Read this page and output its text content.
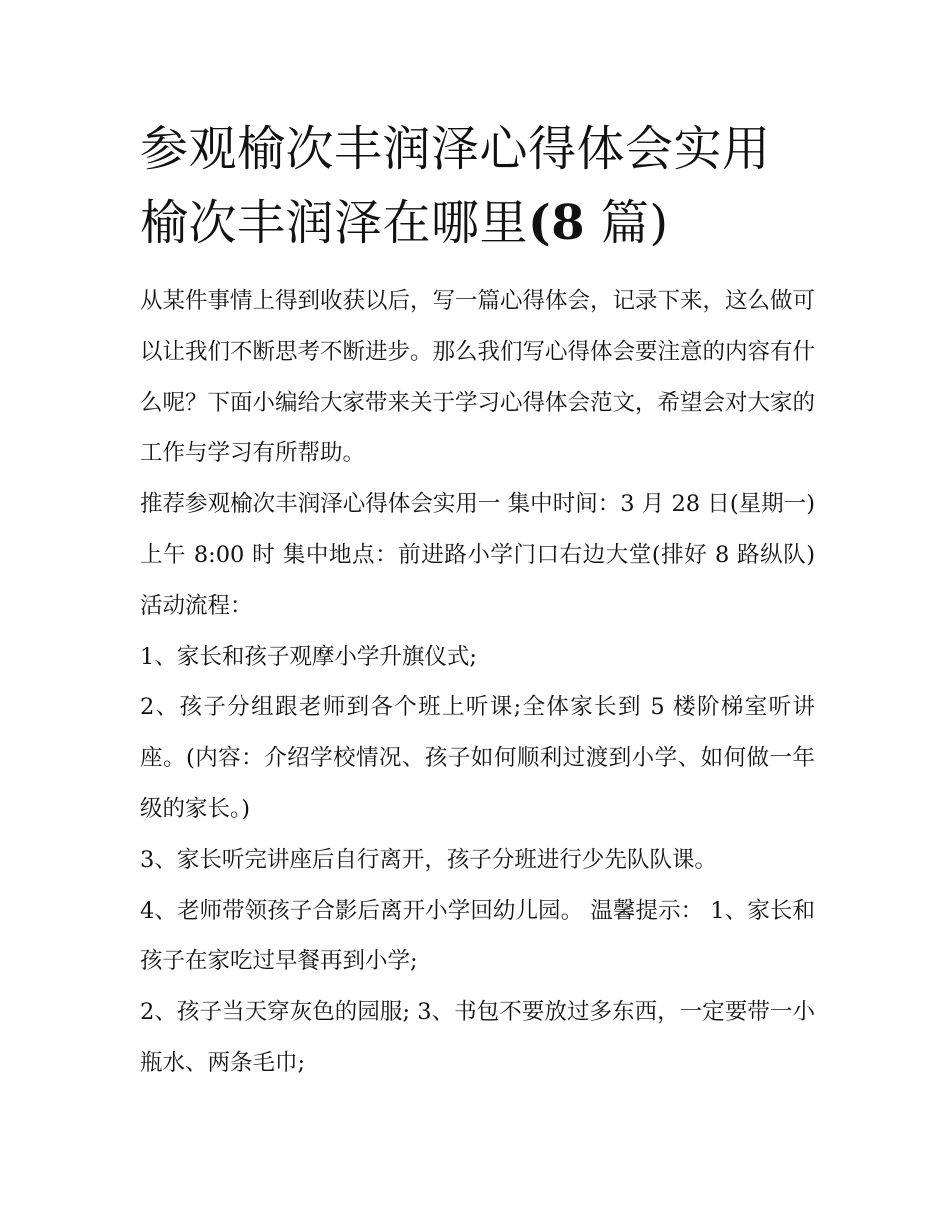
参观榆次丰润泽心得体会实用
榆次丰润泽在哪里(8 篇)

从某件事情上得到收获以后，写一篇心得体会，记录下来，这么做可以让我们不断思考不断进步。那么我们写心得体会要注意的内容有什么呢？下面小编给大家带来关于学习心得体会范文，希望会对大家的工作与学习有所帮助。

推荐参观榆次丰润泽心得体会实用一 集中时间：3 月 28 日(星期一)上午 8:00 时 集中地点：前进路小学门口右边大堂(排好 8 路纵队) 活动流程：

1、家长和孩子观摩小学升旗仪式;

2、孩子分组跟老师到各个班上听课;全体家长到 5 楼阶梯室听讲座。(内容：介绍学校情况、孩子如何顺利过渡到小学、如何做一年级的家长。)

3、家长听完讲座后自行离开，孩子分班进行少先队队课。

4、老师带领孩子合影后离开小学回幼儿园。 温馨提示： 1、家长和孩子在家吃过早餐再到小学;

2、孩子当天穿灰色的园服; 3、书包不要放过多东西，一定要带一小瓶水、两条毛巾;
